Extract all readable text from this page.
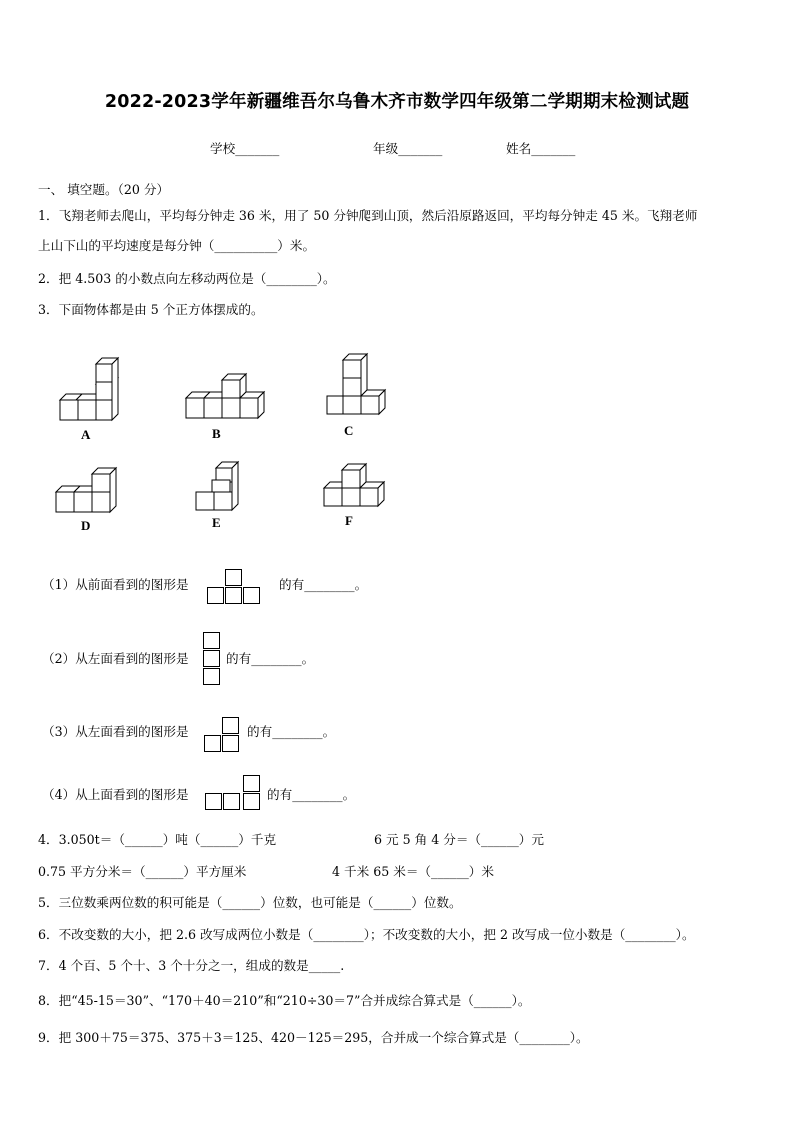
2022-2023学年新疆维吾尔乌鲁木齐市数学四年级第二学期期末检测试题
学校_______	年级_______	姓名_______
一、 填空题。（20 分）
1．飞翔老师去爬山，平均每分钟走 36 米，用了 50 分钟爬到山顶，然后沿原路返回，平均每分钟走 45 米。飞翔老师
上山下山的平均速度是每分钟（__________）米。
2．把 4.503 的小数点向左移动两位是（________）。
3．下面物体都是由 5 个正方体摆成的。
A	B	C
D	E	F
（1）从前面看到的图形是	的有________。
（2）从左面看到的图形是	的有________。
（3）从左面看到的图形是	的有________。
（4）从上面看到的图形是	的有________。
4．3.050t＝（______）吨（______）千克	6 元 5 角 4 分＝（______）元
0.75 平方分米＝（______）平方厘米	4 千米 65 米＝（______）米
5．三位数乘两位数的积可能是（______）位数，也可能是（______）位数。
6．不改变数的大小，把 2.6 改写成两位小数是（________）；不改变数的大小，把 2 改写成一位小数是（________）。
7．4 个百、5 个十、3 个十分之一，组成的数是_____.
8．把“45-15＝30”、“170＋40＝210”和“210÷30＝7”合并成综合算式是（______）。
9．把 300＋75＝375、375＋3＝125、420－125＝295，合并成一个综合算式是（________）。
